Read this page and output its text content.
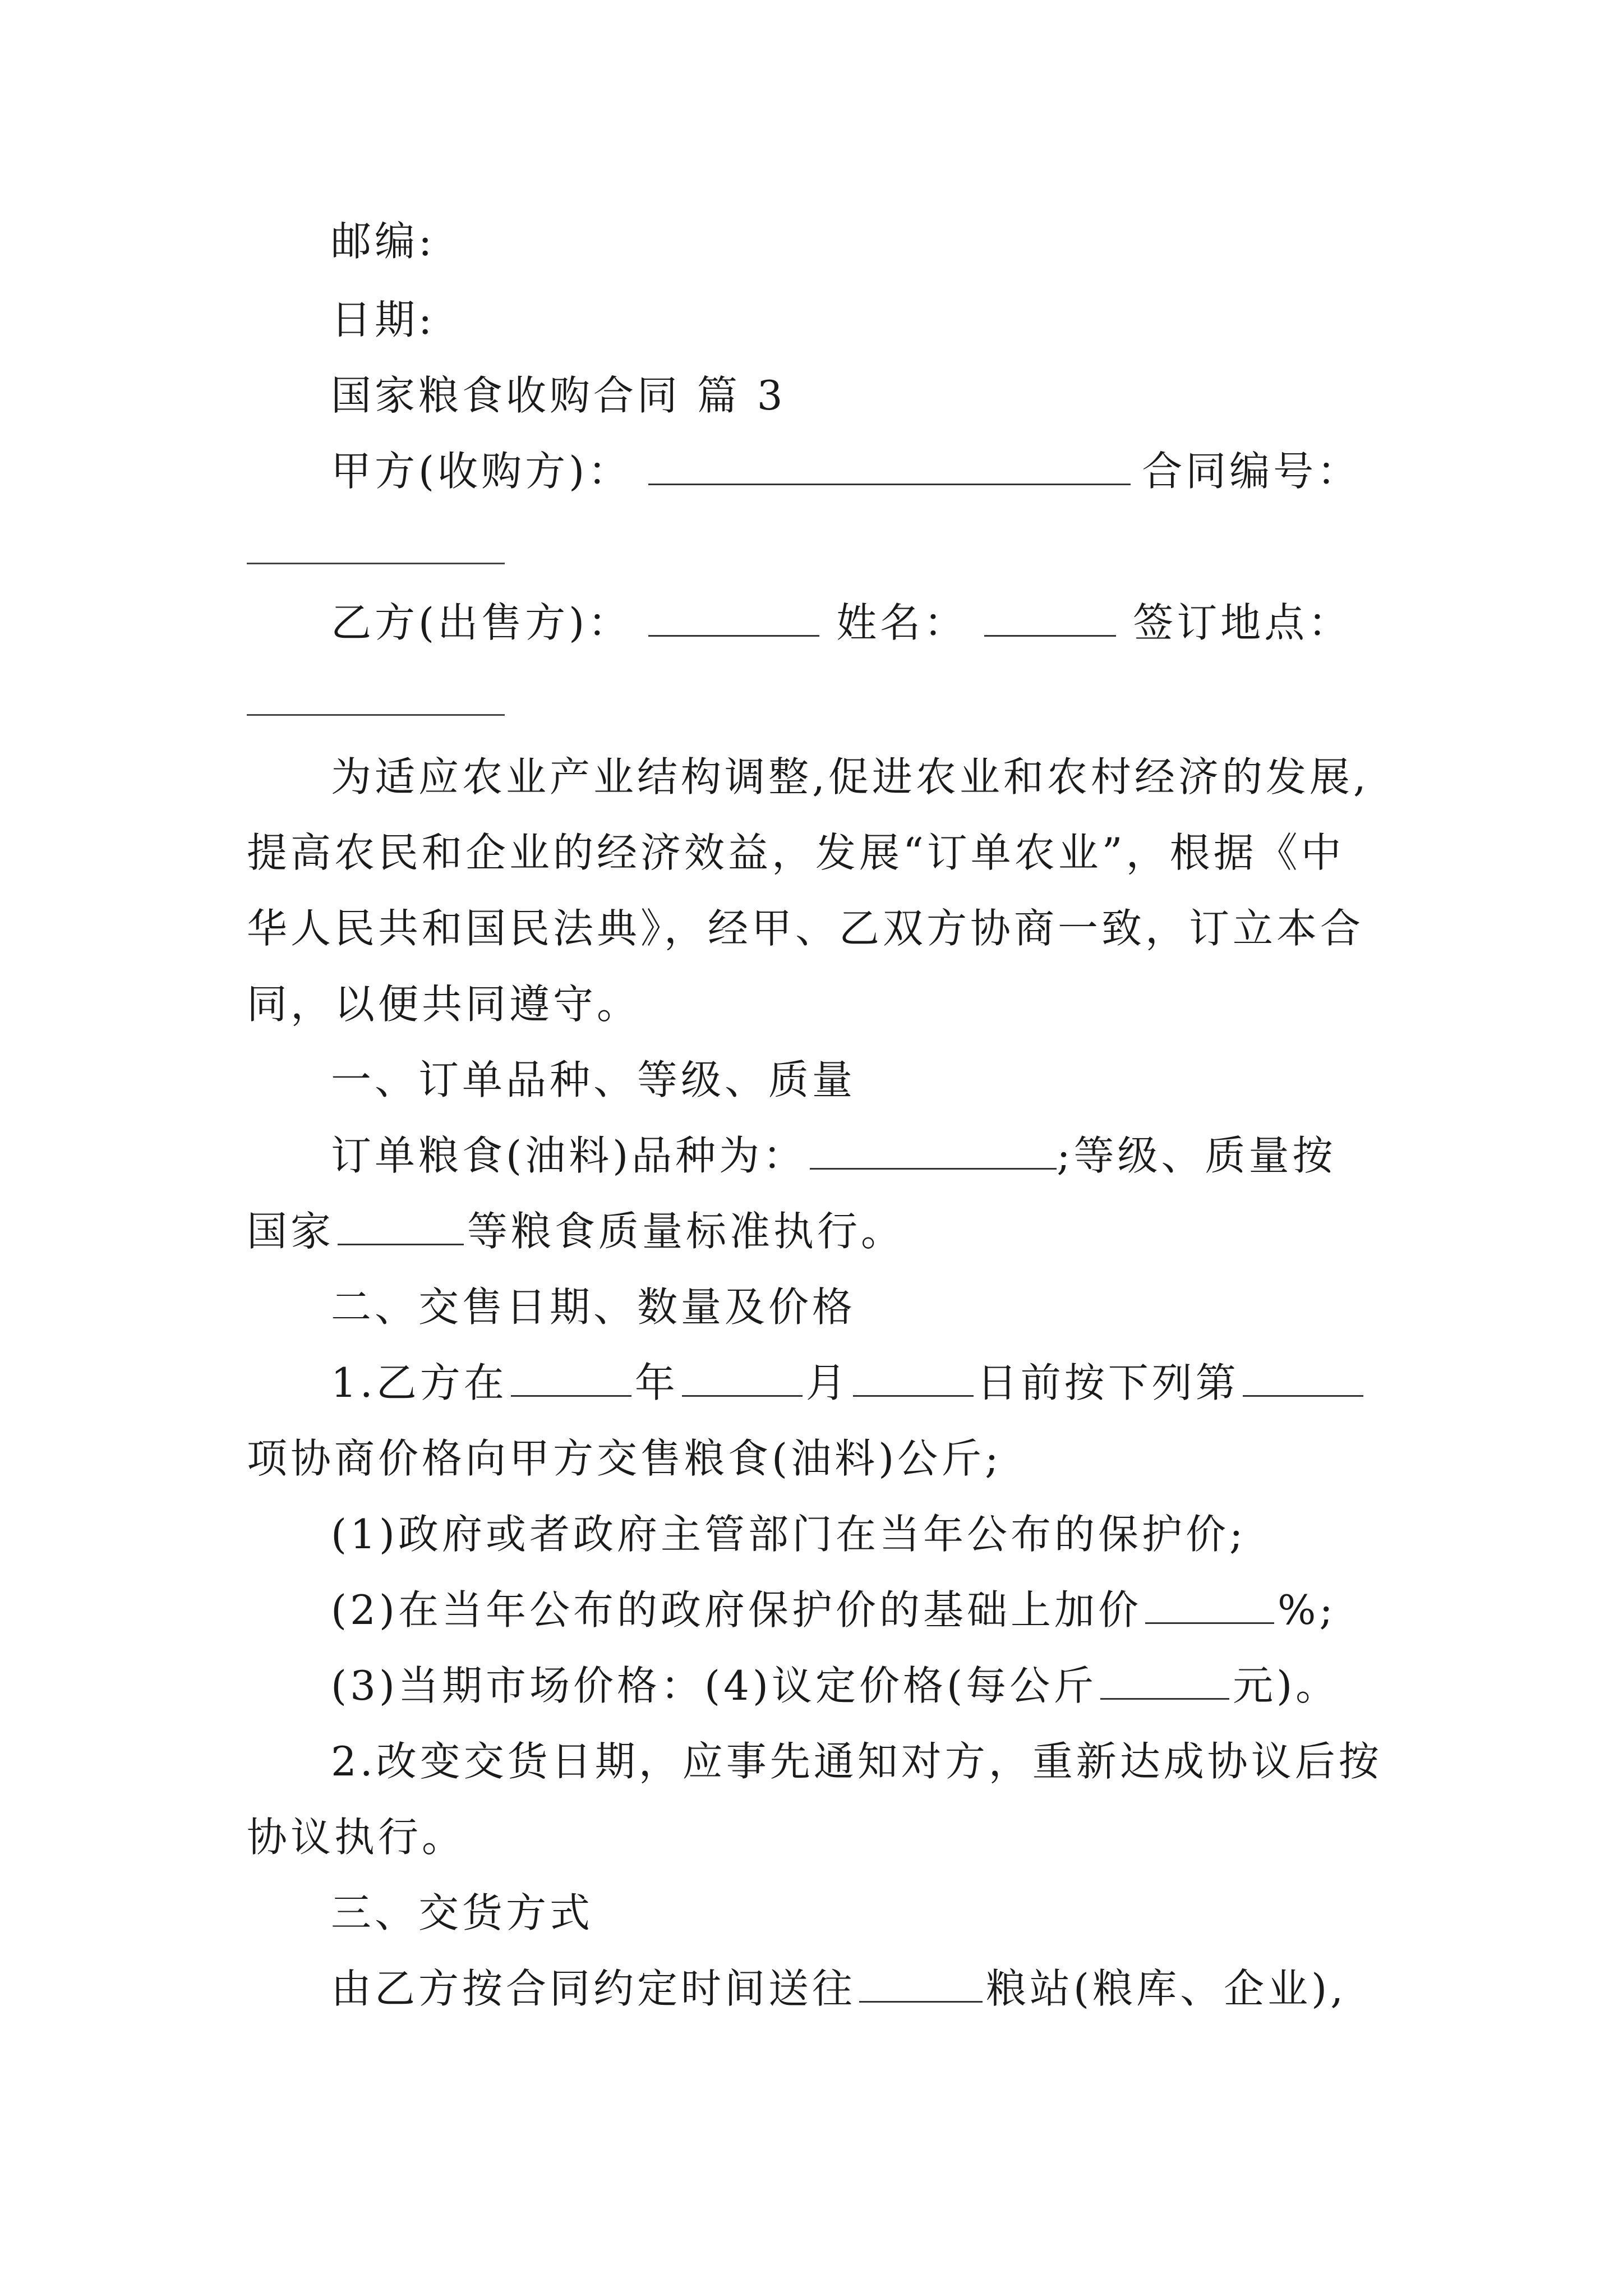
邮编:
日期:
国家粮食收购合同 篇 3
甲方(收购方)：	合同编号：
乙方(出售方)：	姓名：	签订地点：
为适应农业产业结构调整,促进农业和农村经济的发展,
提高农民和企业的经济效益，发展“订单农业”，根据《中
华人民共和国民法典》，经甲、乙双方协商一致，订立本合
同，以便共同遵守。
一、订单品种、等级、质量
订单粮食(油料)品种为：	;等级、质量按
国家	等粮食质量标准执行。
二、交售日期、数量及价格
1.乙方在	年	月	日前按下列第
项协商价格向甲方交售粮食(油料)公斤;
(1)政府或者政府主管部门在当年公布的保护价;
(2)在当年公布的政府保护价的基础上加价	%;
(3)当期市场价格：(4)议定价格(每公斤	元)。
2.改变交货日期，应事先通知对方，重新达成协议后按
协议执行。
三、交货方式
由乙方按合同约定时间送往	粮站(粮库、企业),
